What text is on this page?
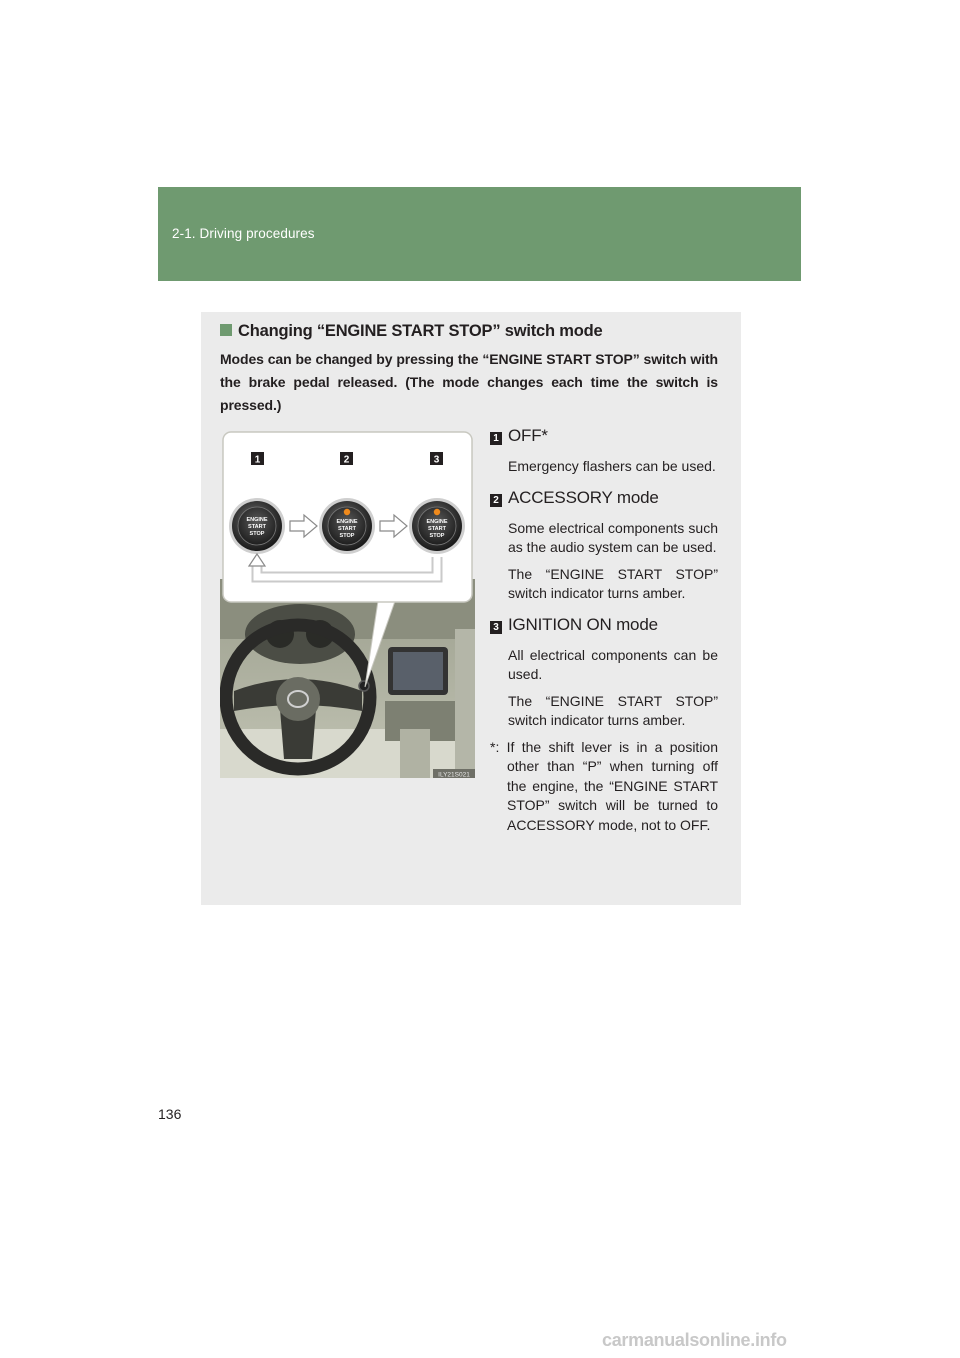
2-1. Driving procedures
Changing “ENGINE START STOP” switch mode
Modes can be changed by pressing the “ENGINE START STOP” switch with the brake pedal released. (The mode changes each time the switch is pressed.)
1	2	3
ENGINE
START
STOP
ENGINE
START
STOP
ENGINE
START
STOP
ILY21S021
1 OFF*

Emergency flashers can be used.

2 ACCESSORY mode

Some electrical components such as the audio system can be used.

The “ENGINE START STOP” switch indicator turns amber.

3 IGNITION ON mode

All electrical components can be used.

The “ENGINE START STOP” switch indicator turns amber.

*: If the shift lever is in a position other than “P” when turning off the engine, the “ENGINE START STOP” switch will be turned to ACCESSORY mode, not to OFF.
136
carmanualsonline.info
